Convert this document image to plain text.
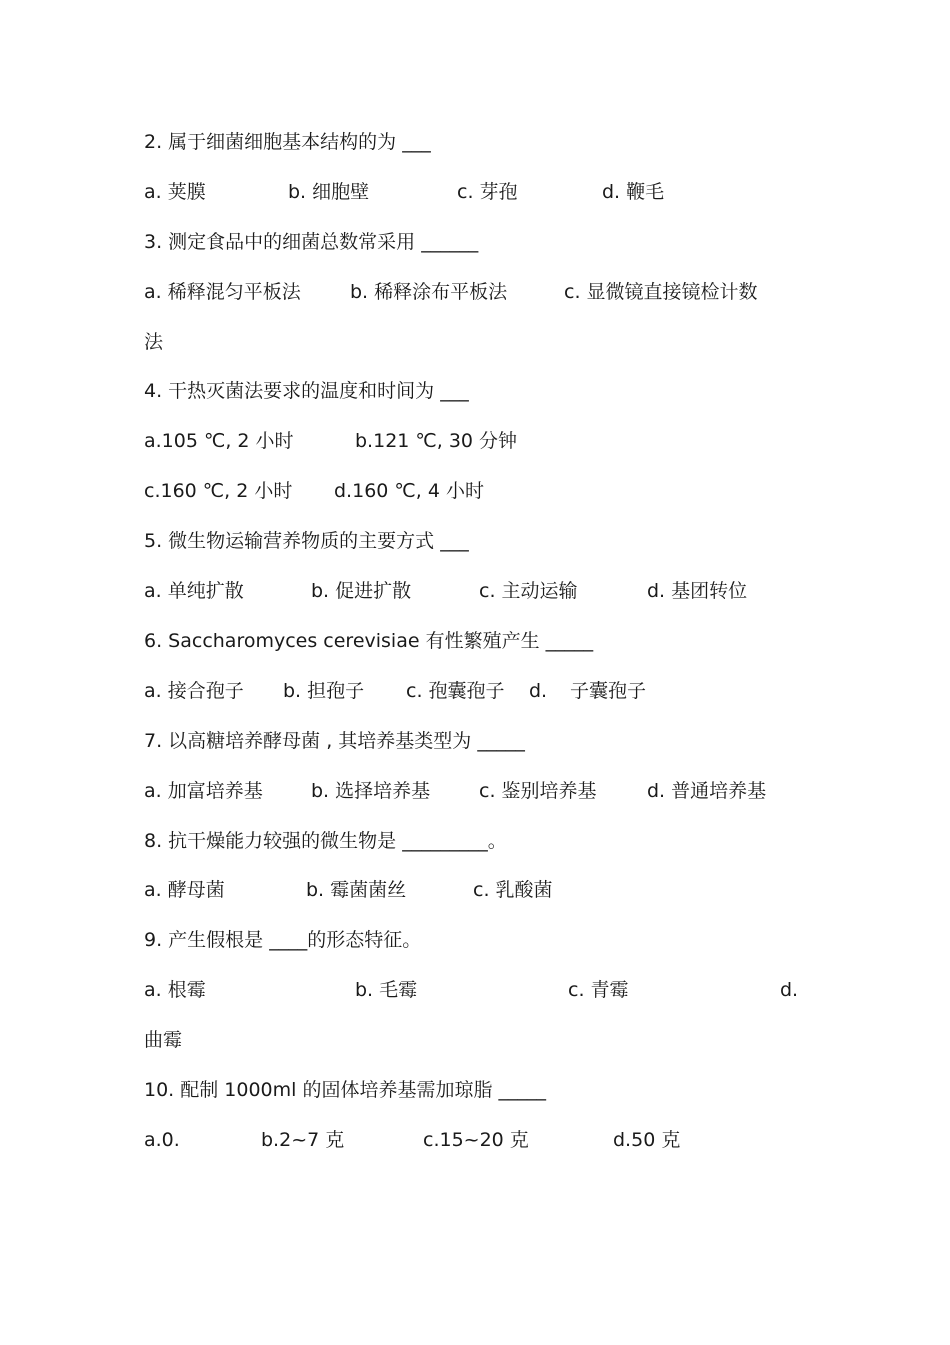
2. 属于细菌细胞基本结构的为 ___
a. 荚膜	b. 细胞壁	c. 芽孢	d. 鞭毛
3. 测定食品中的细菌总数常采用 ______
a. 稀释混匀平板法	b. 稀释涂布平板法	c. 显微镜直接镜检计数
法
4. 干热灭菌法要求的温度和时间为 ___
a.105 ℃, 2 小时	b.121 ℃, 30 分钟
c.160 ℃, 2 小时 d.160 ℃, 4 小时
5. 微生物运输营养物质的主要方式 ___
a. 单纯扩散	b. 促进扩散	c. 主动运输	d. 基团转位
6. Saccharomyces cerevisiae 有性繁殖产生 _____
a. 接合孢子 b. 担孢子 c. 孢囊孢子 d. 子囊孢子
7. 以高糖培养酵母菌 , 其培养基类型为 _____
a. 加富培养基	b. 选择培养基	c. 鉴别培养基	d. 普通培养基
8. 抗干燥能力较强的微生物是 _________。
a. 酵母菌	b. 霉菌菌丝	c. 乳酸菌
9. 产生假根是 ____的形态特征。
a. 根霉	b. 毛霉	c. 青霉	d.
曲霉
10. 配制 1000ml 的固体培养基需加琼脂 _____
a.0.	b.2~7 克	c.15~20 克	d.50 克
